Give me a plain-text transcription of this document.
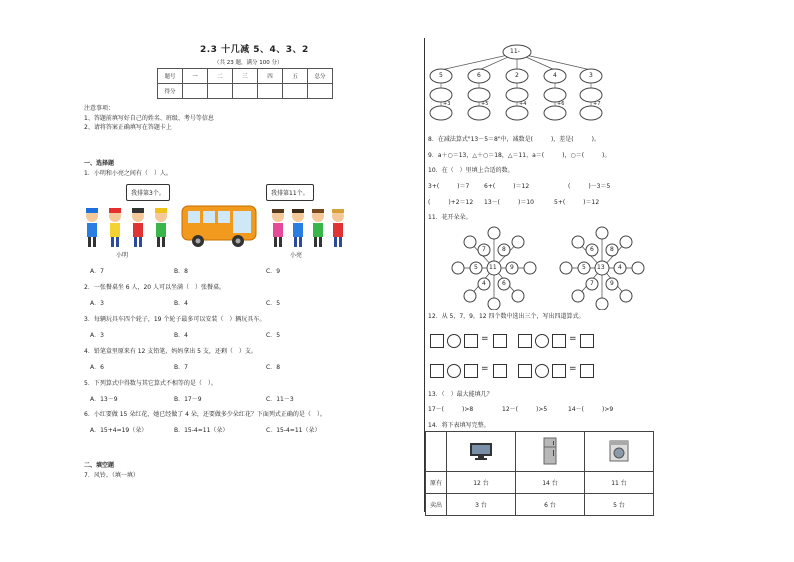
2.3 十几减 5、4、3、2
（共 23 题，满分 100 分）
题号	一	二	三	四	五	总分
得分						
注意事项：
1、答题前填写好自己的姓名、班级、考号等信息
2、请将答案正确填写在答题卡上
一、选择题
1．小明和小亮之间有（　）人。
我排第3个。	我排第11个。
小明	小亮
A．7	B．8	C．9
2．一张餐桌坐 6 人，20 人可以坐满（　）张餐桌。
A．3	B．4	C．5
3．每辆玩具车四个轮子，19 个轮子最多可以安装（　）辆玩具车。
A．3	B．4	C．5
4．铅笔盒里原来有 12 支铅笔，妈妈拿出 5 支，还剩（　）支。
A．6	B．7	C．8
5．下列算式中得数与其它算式不相等的是（　）。
A．13－9	B．17－9	C．11－3
6．小红要做 15 朵红花，她已经做了 4 朵，还要做多少朵红花？下面列式正确的是（　）。
A．15+4=19（朵）	B．15-4=11（朵）	C．15-4=11（朵）
二、填空题
7．风铃。（填一填）
11-
5	6	2	4	3
+3	+5	+4	+6	+7
8．在减法算式"13－5＝8"中，减数是(　　　)，差是(　　　)。
9．a＋○＝13，△＋○＝18，△＝11，a＝(　　　)，○＝(　　　)。
10．在（　）里填上合适的数。
3+(　　　)＝7 6+(　　　)＝12	(　　　)－3＝5
(　　　)+2＝12 13－(　　　)＝10	5+(　　　)＝12
11．花开朵朵。
11
5	9
7	8
4	6
13
5	4
6	8
7	9
12．从 5，7，9，12 四个数中选出三个，写出四道算式。
=	=
=	=
13．（　）最大能填几？
17－(　　　)>8	12－(　　　)>5	14－(　　　)>9
14．将下表填写完整。

原有	12 台	14 台	11 台
卖出	3 台	6 台	5 台
